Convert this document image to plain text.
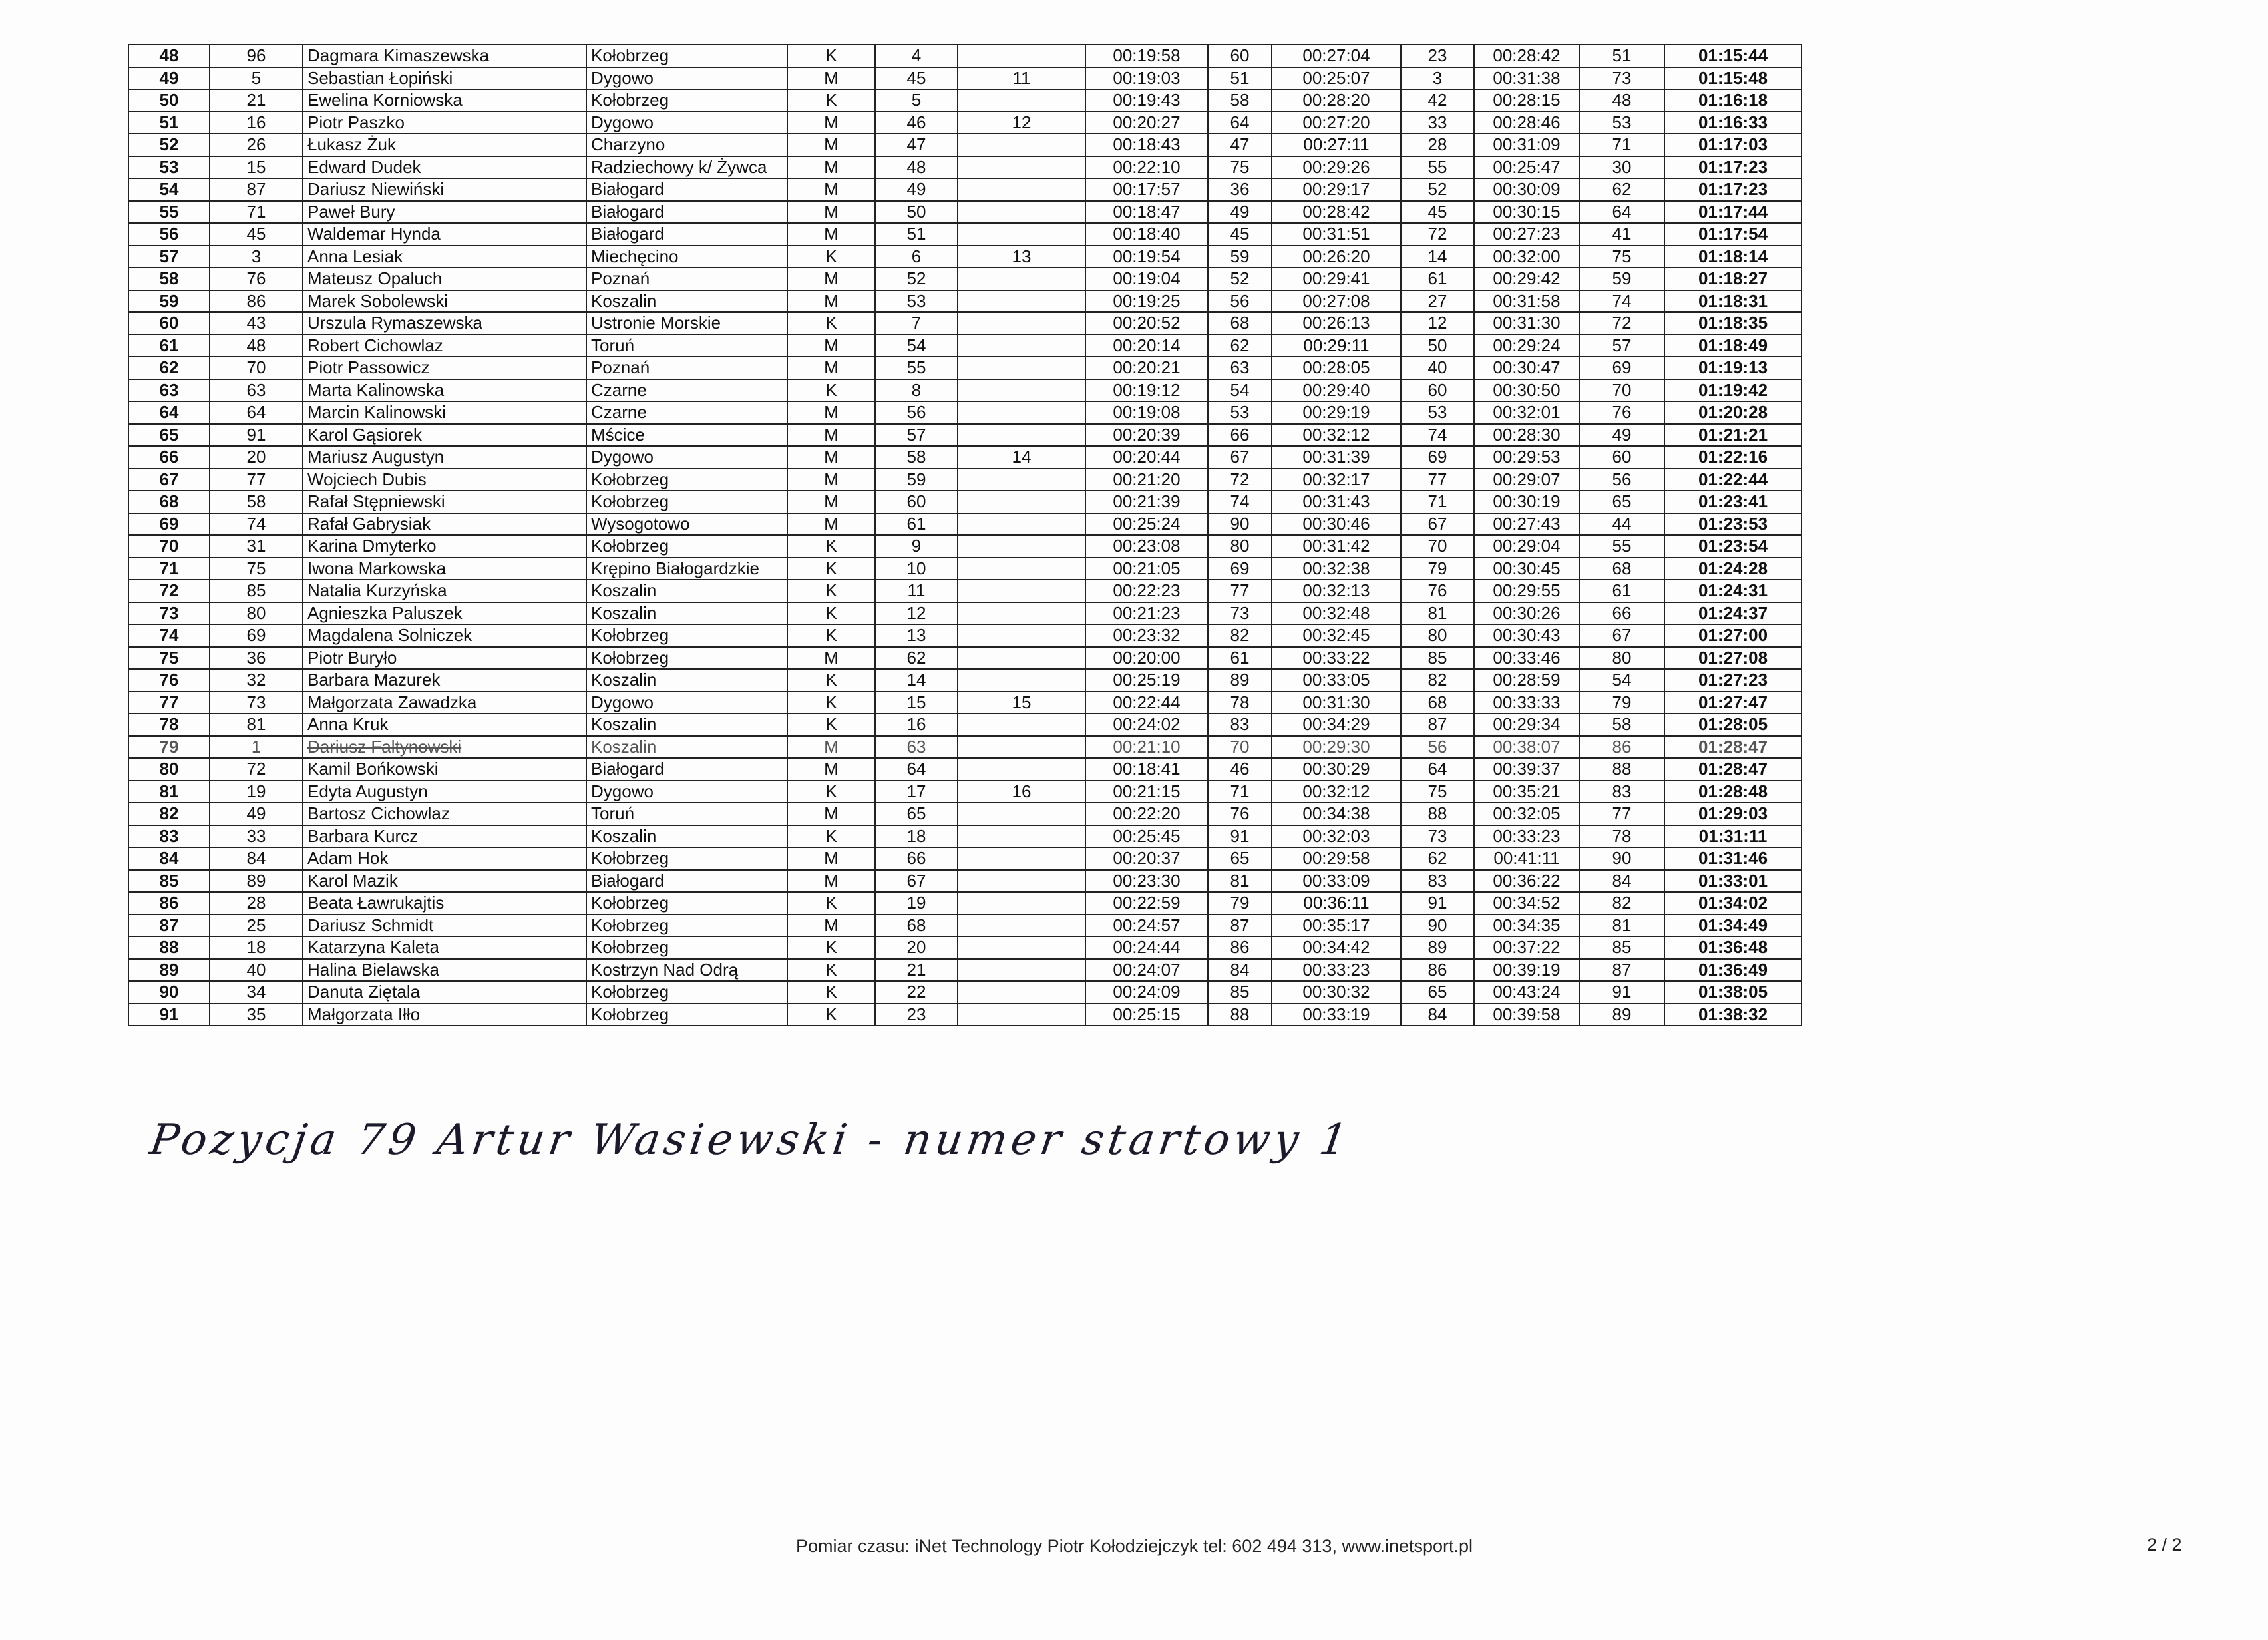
48	96	Dagmara Kimaszewska	Kołobrzeg	K	4		00:19:58	60	00:27:04	23	00:28:42	51	01:15:44
49	5	Sebastian Łopiński	Dygowo	M	45	11	00:19:03	51	00:25:07	3	00:31:38	73	01:15:48
50	21	Ewelina Korniowska	Kołobrzeg	K	5		00:19:43	58	00:28:20	42	00:28:15	48	01:16:18
51	16	Piotr Paszko	Dygowo	M	46	12	00:20:27	64	00:27:20	33	00:28:46	53	01:16:33
52	26	Łukasz Żuk	Charzyno	M	47		00:18:43	47	00:27:11	28	00:31:09	71	01:17:03
53	15	Edward Dudek	Radziechowy k/ Żywca	M	48		00:22:10	75	00:29:26	55	00:25:47	30	01:17:23
54	87	Dariusz Niewiński	Białogard	M	49		00:17:57	36	00:29:17	52	00:30:09	62	01:17:23
55	71	Paweł Bury	Białogard	M	50		00:18:47	49	00:28:42	45	00:30:15	64	01:17:44
56	45	Waldemar Hynda	Białogard	M	51		00:18:40	45	00:31:51	72	00:27:23	41	01:17:54
57	3	Anna Lesiak	Miechęcino	K	6	13	00:19:54	59	00:26:20	14	00:32:00	75	01:18:14
58	76	Mateusz Opaluch	Poznań	M	52		00:19:04	52	00:29:41	61	00:29:42	59	01:18:27
59	86	Marek Sobolewski	Koszalin	M	53		00:19:25	56	00:27:08	27	00:31:58	74	01:18:31
60	43	Urszula Rymaszewska	Ustronie Morskie	K	7		00:20:52	68	00:26:13	12	00:31:30	72	01:18:35
61	48	Robert Cichowlaz	Toruń	M	54		00:20:14	62	00:29:11	50	00:29:24	57	01:18:49
62	70	Piotr Passowicz	Poznań	M	55		00:20:21	63	00:28:05	40	00:30:47	69	01:19:13
63	63	Marta Kalinowska	Czarne	K	8		00:19:12	54	00:29:40	60	00:30:50	70	01:19:42
64	64	Marcin Kalinowski	Czarne	M	56		00:19:08	53	00:29:19	53	00:32:01	76	01:20:28
65	91	Karol Gąsiorek	Mścice	M	57		00:20:39	66	00:32:12	74	00:28:30	49	01:21:21
66	20	Mariusz Augustyn	Dygowo	M	58	14	00:20:44	67	00:31:39	69	00:29:53	60	01:22:16
67	77	Wojciech Dubis	Kołobrzeg	M	59		00:21:20	72	00:32:17	77	00:29:07	56	01:22:44
68	58	Rafał Stępniewski	Kołobrzeg	M	60		00:21:39	74	00:31:43	71	00:30:19	65	01:23:41
69	74	Rafał Gabrysiak	Wysogotowo	M	61		00:25:24	90	00:30:46	67	00:27:43	44	01:23:53
70	31	Karina Dmyterko	Kołobrzeg	K	9		00:23:08	80	00:31:42	70	00:29:04	55	01:23:54
71	75	Iwona Markowska	Krępino Białogardzkie	K	10		00:21:05	69	00:32:38	79	00:30:45	68	01:24:28
72	85	Natalia Kurzyńska	Koszalin	K	11		00:22:23	77	00:32:13	76	00:29:55	61	01:24:31
73	80	Agnieszka Paluszek	Koszalin	K	12		00:21:23	73	00:32:48	81	00:30:26	66	01:24:37
74	69	Magdalena Solniczek	Kołobrzeg	K	13		00:23:32	82	00:32:45	80	00:30:43	67	01:27:00
75	36	Piotr Buryło	Kołobrzeg	M	62		00:20:00	61	00:33:22	85	00:33:46	80	01:27:08
76	32	Barbara Mazurek	Koszalin	K	14		00:25:19	89	00:33:05	82	00:28:59	54	01:27:23
77	73	Małgorzata Zawadzka	Dygowo	K	15	15	00:22:44	78	00:31:30	68	00:33:33	79	01:27:47
78	81	Anna Kruk	Koszalin	K	16		00:24:02	83	00:34:29	87	00:29:34	58	01:28:05
79	1	Dariusz Faltynowski	Koszalin	M	63		00:21:10	70	00:29:30	56	00:38:07	86	01:28:47
80	72	Kamil Bońkowski	Białogard	M	64		00:18:41	46	00:30:29	64	00:39:37	88	01:28:47
81	19	Edyta Augustyn	Dygowo	K	17	16	00:21:15	71	00:32:12	75	00:35:21	83	01:28:48
82	49	Bartosz Cichowlaz	Toruń	M	65		00:22:20	76	00:34:38	88	00:32:05	77	01:29:03
83	33	Barbara Kurcz	Koszalin	K	18		00:25:45	91	00:32:03	73	00:33:23	78	01:31:11
84	84	Adam Hok	Kołobrzeg	M	66		00:20:37	65	00:29:58	62	00:41:11	90	01:31:46
85	89	Karol Mazik	Białogard	M	67		00:23:30	81	00:33:09	83	00:36:22	84	01:33:01
86	28	Beata Ławrukajtis	Kołobrzeg	K	19		00:22:59	79	00:36:11	91	00:34:52	82	01:34:02
87	25	Dariusz Schmidt	Kołobrzeg	M	68		00:24:57	87	00:35:17	90	00:34:35	81	01:34:49
88	18	Katarzyna Kaleta	Kołobrzeg	K	20		00:24:44	86	00:34:42	89	00:37:22	85	01:36:48
89	40	Halina Bielawska	Kostrzyn Nad Odrą	K	21		00:24:07	84	00:33:23	86	00:39:19	87	01:36:49
90	34	Danuta Ziętala	Kołobrzeg	K	22		00:24:09	85	00:30:32	65	00:43:24	91	01:38:05
91	35	Małgorzata Iłło	Kołobrzeg	K	23		00:25:15	88	00:33:19	84	00:39:58	89	01:38:32
Pozycja 79 Artur Wasiewski - numer startowy 1
Pomiar czasu: iNet Technology Piotr Kołodziejczyk tel: 602 494 313, www.inetsport.pl	2 / 2
